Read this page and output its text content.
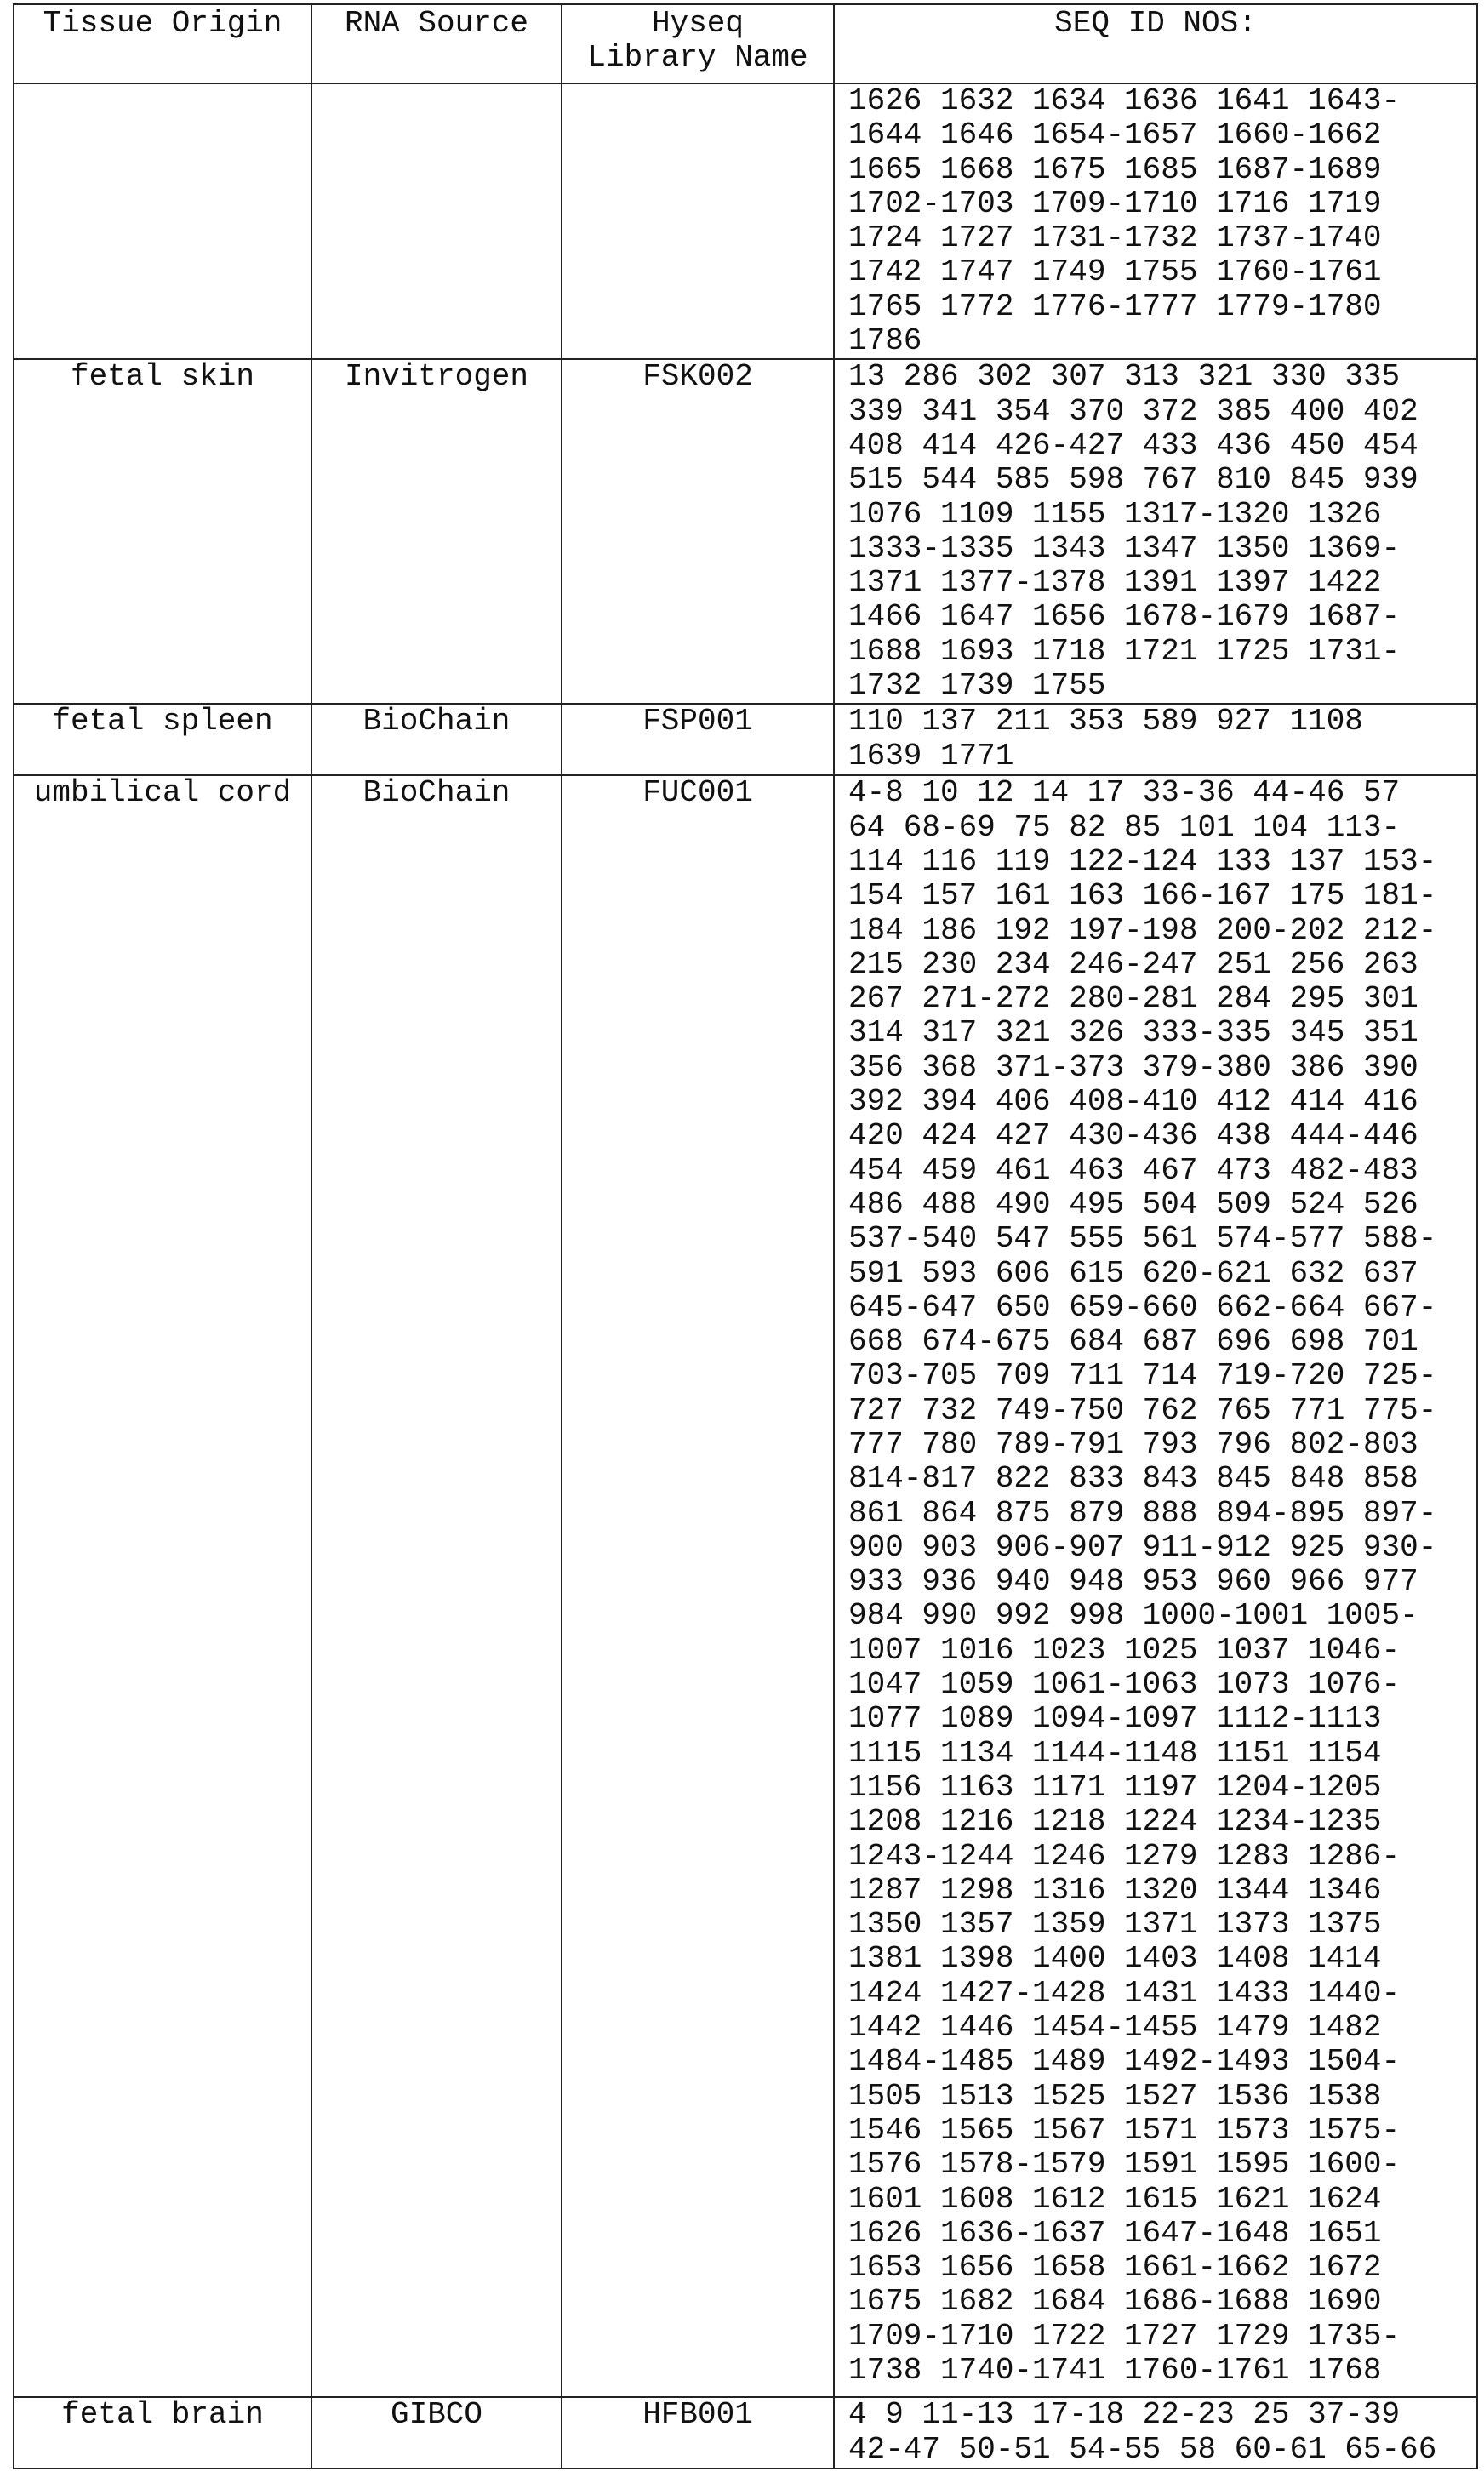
Tissue Origin	RNA Source	Hyseq
Library Name
	SEQ ID NOS:
			1626 1632 1634 1636 1641 1643-
1644 1646 1654-1657 1660-1662
1665 1668 1675 1685 1687-1689
1702-1703 1709-1710 1716 1719
1724 1727 1731-1732 1737-1740
1742 1747 1749 1755 1760-1761
1765 1772 1776-1777 1779-1780
1786
fetal skin	Invitrogen	FSK002	13 286 302 307 313 321 330 335
339 341 354 370 372 385 400 402
408 414 426-427 433 436 450 454
515 544 585 598 767 810 845 939
1076 1109 1155 1317-1320 1326
1333-1335 1343 1347 1350 1369-
1371 1377-1378 1391 1397 1422
1466 1647 1656 1678-1679 1687-
1688 1693 1718 1721 1725 1731-
1732 1739 1755
fetal spleen	BioChain	FSP001	110 137 211 353 589 927 1108
1639 1771
umbilical cord	BioChain	FUC001	4-8 10 12 14 17 33-36 44-46 57
64 68-69 75 82 85 101 104 113-
114 116 119 122-124 133 137 153-
154 157 161 163 166-167 175 181-
184 186 192 197-198 200-202 212-
215 230 234 246-247 251 256 263
267 271-272 280-281 284 295 301
314 317 321 326 333-335 345 351
356 368 371-373 379-380 386 390
392 394 406 408-410 412 414 416
420 424 427 430-436 438 444-446
454 459 461 463 467 473 482-483
486 488 490 495 504 509 524 526
537-540 547 555 561 574-577 588-
591 593 606 615 620-621 632 637
645-647 650 659-660 662-664 667-
668 674-675 684 687 696 698 701
703-705 709 711 714 719-720 725-
727 732 749-750 762 765 771 775-
777 780 789-791 793 796 802-803
814-817 822 833 843 845 848 858
861 864 875 879 888 894-895 897-
900 903 906-907 911-912 925 930-
933 936 940 948 953 960 966 977
984 990 992 998 1000-1001 1005-
1007 1016 1023 1025 1037 1046-
1047 1059 1061-1063 1073 1076-
1077 1089 1094-1097 1112-1113
1115 1134 1144-1148 1151 1154
1156 1163 1171 1197 1204-1205
1208 1216 1218 1224 1234-1235
1243-1244 1246 1279 1283 1286-
1287 1298 1316 1320 1344 1346
1350 1357 1359 1371 1373 1375
1381 1398 1400 1403 1408 1414
1424 1427-1428 1431 1433 1440-
1442 1446 1454-1455 1479 1482
1484-1485 1489 1492-1493 1504-
1505 1513 1525 1527 1536 1538
1546 1565 1567 1571 1573 1575-
1576 1578-1579 1591 1595 1600-
1601 1608 1612 1615 1621 1624
1626 1636-1637 1647-1648 1651
1653 1656 1658 1661-1662 1672
1675 1682 1684 1686-1688 1690
1709-1710 1722 1727 1729 1735-
1738 1740-1741 1760-1761 1768
fetal brain	GIBCO	HFB001	4 9 11-13 17-18 22-23 25 37-39
42-47 50-51 54-55 58 60-61 65-66
